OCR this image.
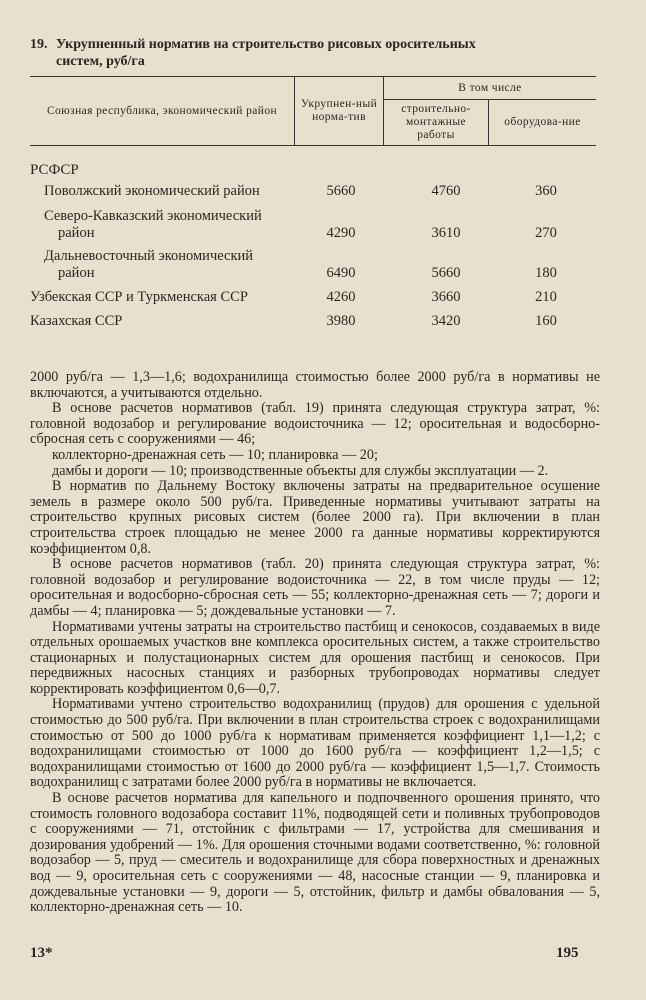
19. Укрупненный норматив на строительство рисовых оросительных
систем, руб/га
Союзная республика, экономический район	Укрупнен-ный норма-тив	В том числе	
		строительно-монтажные работы	оборудова-ние
РСФСР			
Поволжский экономический район	5660	4760	360
Северо-Кавказский экономический
район	4290	3610	270
Дальневосточный экономический
район	6490	5660	180
Узбекская ССР и Туркменская ССР	4260	3660	210
Казахская ССР	3980	3420	160

2000 руб/га — 1,3—1,6; водохранилища стоимостью более 2000 руб/га в нормативы не включаются, а учитываются отдельно.

В основе расчетов нормативов (табл. 19) принята следующая структура затрат, %: головной водозабор и регулирование водоисточника — 12; оросительная и водосборно-сбросная сеть с сооружениями — 46;

коллекторно-дренажная сеть — 10; планировка — 20;

дамбы и дороги — 10; производственные объекты для службы эксплуатации — 2.

В норматив по Дальнему Востоку включены затраты на предварительное осушение земель в размере около 500 руб/га. Приведенные нормативы учитывают затраты на строительство крупных рисовых систем (более 2000 га). При включении в план строительства строек площадью не менее 2000 га данные нормативы корректируются коэффициентом 0,8.

В основе расчетов нормативов (табл. 20) принята следующая структура затрат, %: головной водозабор и регулирование водоисточника — 22, в том числе пруды — 12; оросительная и водосборно-сбросная сеть — 55; коллекторно-дренажная сеть — 7; дороги и дамбы — 4; планировка — 5; дождевальные установки — 7.

Нормативами учтены затраты на строительство пастбищ и сенокосов, создаваемых в виде отдельных орошаемых участков вне комплекса оросительных систем, а также строительство стационарных и полустационарных систем для орошения пастбищ и сенокосов. При передвижных насосных станциях и разборных трубопроводах нормативы следует корректировать коэффициентом 0,6—0,7.

Нормативами учтено строительство водохранилищ (прудов) для орошения с удельной стоимостью до 500 руб/га. При включении в план строительства строек с водохранилищами стоимостью от 500 до 1000 руб/га к нормативам применяется коэффициент 1,1—1,2; с водохранилищами стоимостью от 1000 до 1600 руб/га — коэффициент 1,2—1,5; с водохранилищами стоимостью от 1600 до 2000 руб/га — коэффициент 1,5—1,7. Стоимость водохранилищ с затратами более 2000 руб/га в нормативы не включается.

В основе расчетов норматива для капельного и подпочвенного орошения принято, что стоимость головного водозабора составит 11%, подводящей сети и поливных трубопроводов с сооружениями — 71, отстойник с фильтрами — 17, устройства для смешивания и дозирования удобрений — 1%. Для орошения сточными водами соответственно, %: головной водозабор — 5, пруд — смеситель и водохранилище для сбора поверхностных и дренажных вод — 9, оросительная сеть с сооружениями — 48, насосные станции — 9, планировка и дождевальные установки — 9, дороги — 5, отстойник, фильтр и дамбы обвалования — 5, коллекторно-дренажная сеть — 10.

13*	195
